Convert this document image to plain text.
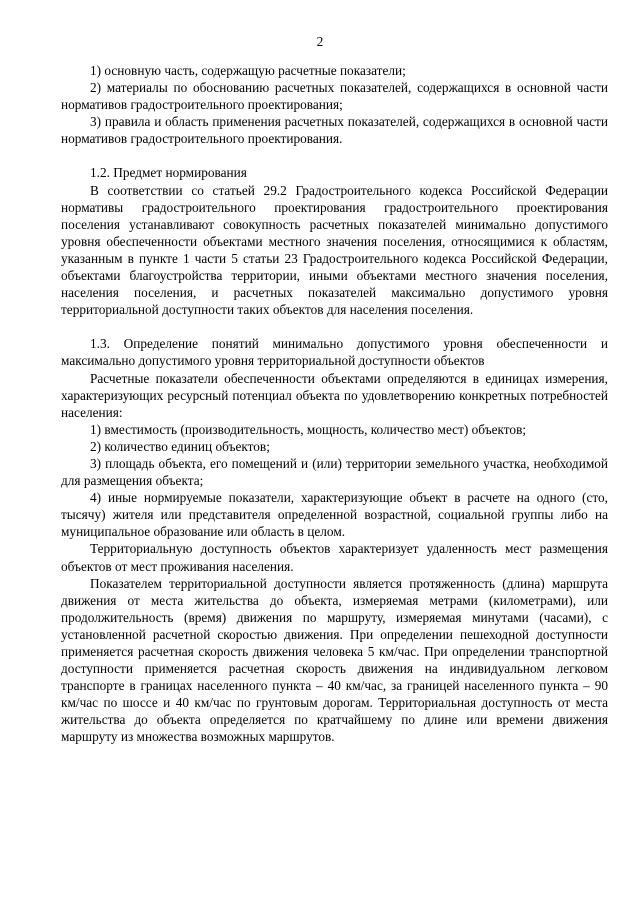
2

1) основную часть, содержащую расчетные показатели;

2) материалы по обоснованию расчетных показателей, содержащихся в основной части нормативов градостроительного проектирования;

3) правила и область применения расчетных показателей, содержащихся в основной части нормативов градостроительного проектирования.

1.2. Предмет нормирования

В соответствии со статьей 29.2 Градостроительного кодекса Российской Федерации нормативы градостроительного проектирования градостроительного проектирования поселения устанавливают совокупность расчетных показателей минимально допустимого уровня обеспеченности объектами местного значения поселения, относящимися к областям, указанным в пункте 1 части 5 статьи 23 Градостроительного кодекса Российской Федерации, объектами благоустройства территории, иными объектами местного значения поселения, населения поселения, и расчетных показателей максимально допустимого уровня территориальной доступности таких объектов для населения поселения.

1.3. Определение понятий минимально допустимого уровня обеспеченности и максимально допустимого уровня территориальной доступности объектов

Расчетные показатели обеспеченности объектами определяются в единицах измерения, характеризующих ресурсный потенциал объекта по удовлетворению конкретных потребностей населения:

1) вместимость (производительность, мощность, количество мест) объектов;

2) количество единиц объектов;

3) площадь объекта, его помещений и (или) территории земельного участка, необходимой для размещения объекта;

4) иные нормируемые показатели, характеризующие объект в расчете на одного (сто, тысячу) жителя или представителя определенной возрастной, социальной группы либо на муниципальное образование или область в целом.

Территориальную доступность объектов характеризует удаленность мест размещения объектов от мест проживания населения.

Показателем территориальной доступности является протяженность (длина) маршрута движения от места жительства до объекта, измеряемая метрами (километрами), или продолжительность (время) движения по маршруту, измеряемая минутами (часами), с установленной расчетной скоростью движения. При определении пешеходной доступности применяется расчетная скорость движения человека 5 км/час. При определении транспортной доступности применяется расчетная скорость движения на индивидуальном легковом транспорте в границах населенного пункта – 40 км/час, за границей населенного пункта – 90 км/час по шоссе и 40 км/час по грунтовым дорогам. Территориальная доступность от места жительства до объекта определяется по кратчайшему по длине или времени движения маршруту из множества возможных маршрутов.
